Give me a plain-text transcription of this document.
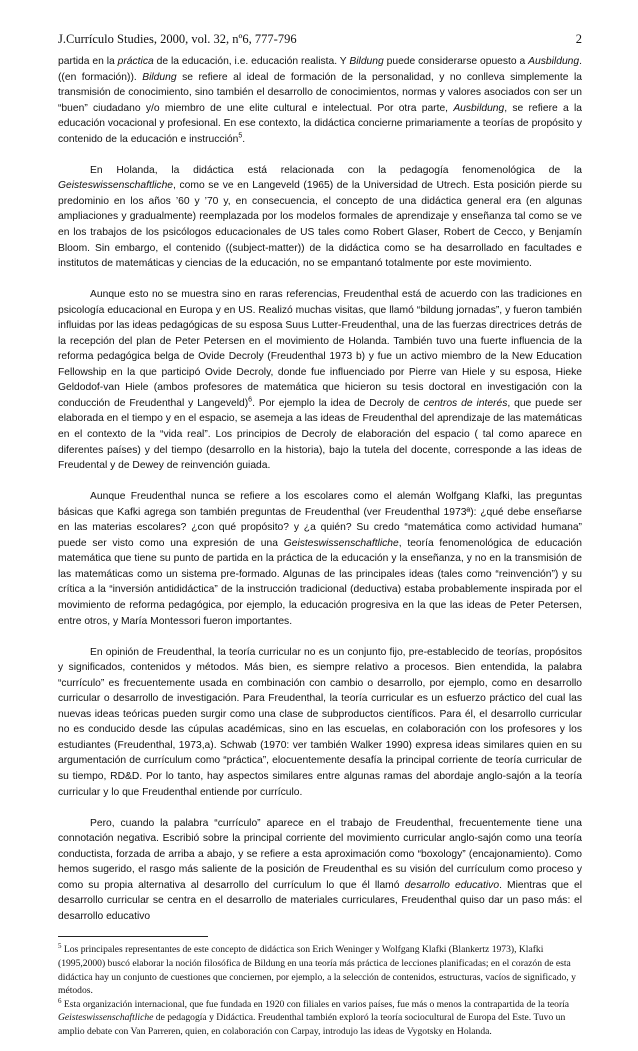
J.Currículo Studies, 2000, vol. 32, nº6, 777-796	2

partida en la práctica de la educación, i.e. educación realista. Y Bildung puede considerarse opuesto a Ausbildung. ((en formación)). Bildung se refiere al ideal de formación de la personalidad, y no conlleva simplemente la transmisión de conocimiento, sino también el desarrollo de conocimientos, normas y valores asociados con ser un “buen” ciudadano y/o miembro de une elite cultural e intelectual. Por otra parte, Ausbildung, se refiere a la educación vocacional y profesional. En ese contexto, la didáctica concierne primariamente a teorías de propósito y contenido de la educación e instrucción$^5$.

En Holanda, la didáctica está relacionada con la pedagogía fenomenológica de la Geisteswissenschaftliche, como se ve en Langeveld (1965) de la Universidad de Utrech. Esta posición pierde su predominio en los años ’60 y ’70 y, en consecuencia, el concepto de una didáctica general era (en algunas ampliaciones y gradualmente) reemplazada por los modelos formales de aprendizaje y enseñanza tal como se ve en los trabajos de los psicólogos educacionales de US tales como Robert Glaser, Robert de Cecco, y Benjamín Bloom. Sin embargo, el contenido ((subject-matter)) de la didáctica como se ha desarrollado en facultades e institutos de matemáticas y ciencias de la educación, no se empantanó totalmente por este movimiento.

Aunque esto no se muestra sino en raras referencias, Freudenthal está de acuerdo con las tradiciones en psicología educacional en Europa y en US. Realizó muchas visitas, que llamó “bildung jornadas”, y fueron también influidas por las ideas pedagógicas de su esposa Suus Lutter-Freudenthal, una de las fuerzas directrices detrás de la recepción del plan de Peter Petersen en el movimiento de Holanda. También tuvo una fuerte influencia de la reforma pedagógica belga de Ovide Decroly (Freudenthal 1973 b) y fue un activo miembro de la New Education Fellowship en la que participó Ovide Decroly, donde fue influenciado por Pierre van Hiele y su esposa, Hieke Geldodof-van Hiele (ambos profesores de matemática que hicieron su tesis doctoral en investigación con la conducción de Freudenthal y Langeveld)$^6$. Por ejemplo la idea de Decroly de centros de interés, que puede ser elaborada en el tiempo y en el espacio, se asemeja a las ideas de Freudenthal del aprendizaje de las matemáticas en el contexto de la “vida real”. Los principios de Decroly de elaboración del espacio ( tal como aparece en diferentes países) y del tiempo (desarrollo en la historia), bajo la tutela del docente, corresponde a las ideas de Freudental y de Dewey de reinvención guiada.

Aunque Freudenthal nunca se refiere a los escolares como el alemán Wolfgang Klafki, las preguntas básicas que Kafki agrega son también preguntas de Freudenthal (ver Freudenthal 1973ª): ¿qué debe enseñarse en las materias escolares? ¿con qué propósito? y ¿a quién? Su credo “matemática como actividad humana” puede ser visto como una expresión de una Geisteswissenschaftliche, teoría fenomenológica de educación matemática que tiene su punto de partida en la práctica de la educación y la enseñanza, y no en la transmisión de las matemáticas como un sistema pre-formado. Algunas de las principales ideas (tales como “reinvención”) y su crítica a la “inversión antididáctica” de la instrucción tradicional (deductiva) estaba probablemente inspirada por el movimiento de reforma pedagógica, por ejemplo, la educación progresiva en la que las ideas de Peter Petersen, entre otros, y María Montessori fueron importantes.

En opinión de Freudenthal, la teoría curricular no es un conjunto fijo, pre-establecido de teorías, propósitos y significados, contenidos y métodos. Más bien, es siempre relativo a procesos. Bien entendida, la palabra “currículo” es frecuentemente usada en combinación con cambio o desarrollo, por ejemplo, como en desarrollo curricular o desarrollo de investigación. Para Freudenthal, la teoría curricular es un esfuerzo práctico del cual las nuevas ideas teóricas pueden surgir como una clase de subproductos científicos. Para él, el desarrollo curricular no es conducido desde las cúpulas académicas, sino en las escuelas, en colaboración con los profesores y los estudiantes (Freudenthal, 1973,a). Schwab (1970: ver también Walker 1990) expresa ideas similares quien en su argumentación de currículum como “práctica”, elocuentemente desafía la principal corriente de teoría curricular de su tiempo, RD&D. Por lo tanto, hay aspectos similares entre algunas ramas del abordaje anglo-sajón a la teoría curricular y lo que Freudenthal entiende por currículo.

Pero, cuando la palabra “currículo” aparece en el trabajo de Freudenthal, frecuentemente tiene una connotación negativa. Escribió sobre la principal corriente del movimiento curricular anglo-sajón como una teoría conductista, forzada de arriba a abajo, y se refiere a esta aproximación como “boxology” (encajonamiento). Como hemos sugerido, el rasgo más saliente de la posición de Freudenthal es su visión del currículum como proceso y como su propia alternativa al desarrollo del currículum lo que él llamó desarrollo educativo. Mientras que el desarrollo curricular se centra en el desarrollo de materiales curriculares, Freudenthal quiso dar un paso más: el desarrollo educativo

$^5$ Los principales representantes de este concepto de didáctica son Erich Weninger y Wolfgang Klafki (Blankertz 1973), Klafki (1995,2000) buscó elaborar la noción filosófica de Bildung en una teoría más práctica de lecciones planificadas; en el corazón de esta didáctica hay un conjunto de cuestiones que conciernen, por ejemplo, a la selección de contenidos, estructuras, vacíos de significado, y métodos.

$^6$ Esta organización internacional, que fue fundada en 1920 con filiales en varios países, fue más o menos la contrapartida de la teoría Geisteswissenschaftliche de pedagogía y Didáctica. Freudenthal también exploró la teoría sociocultural de Europa del Este. Tuvo un amplio debate con Van Parreren, quien, en colaboración con Carpay, introdujo las ideas de Vygotsky en Holanda.
